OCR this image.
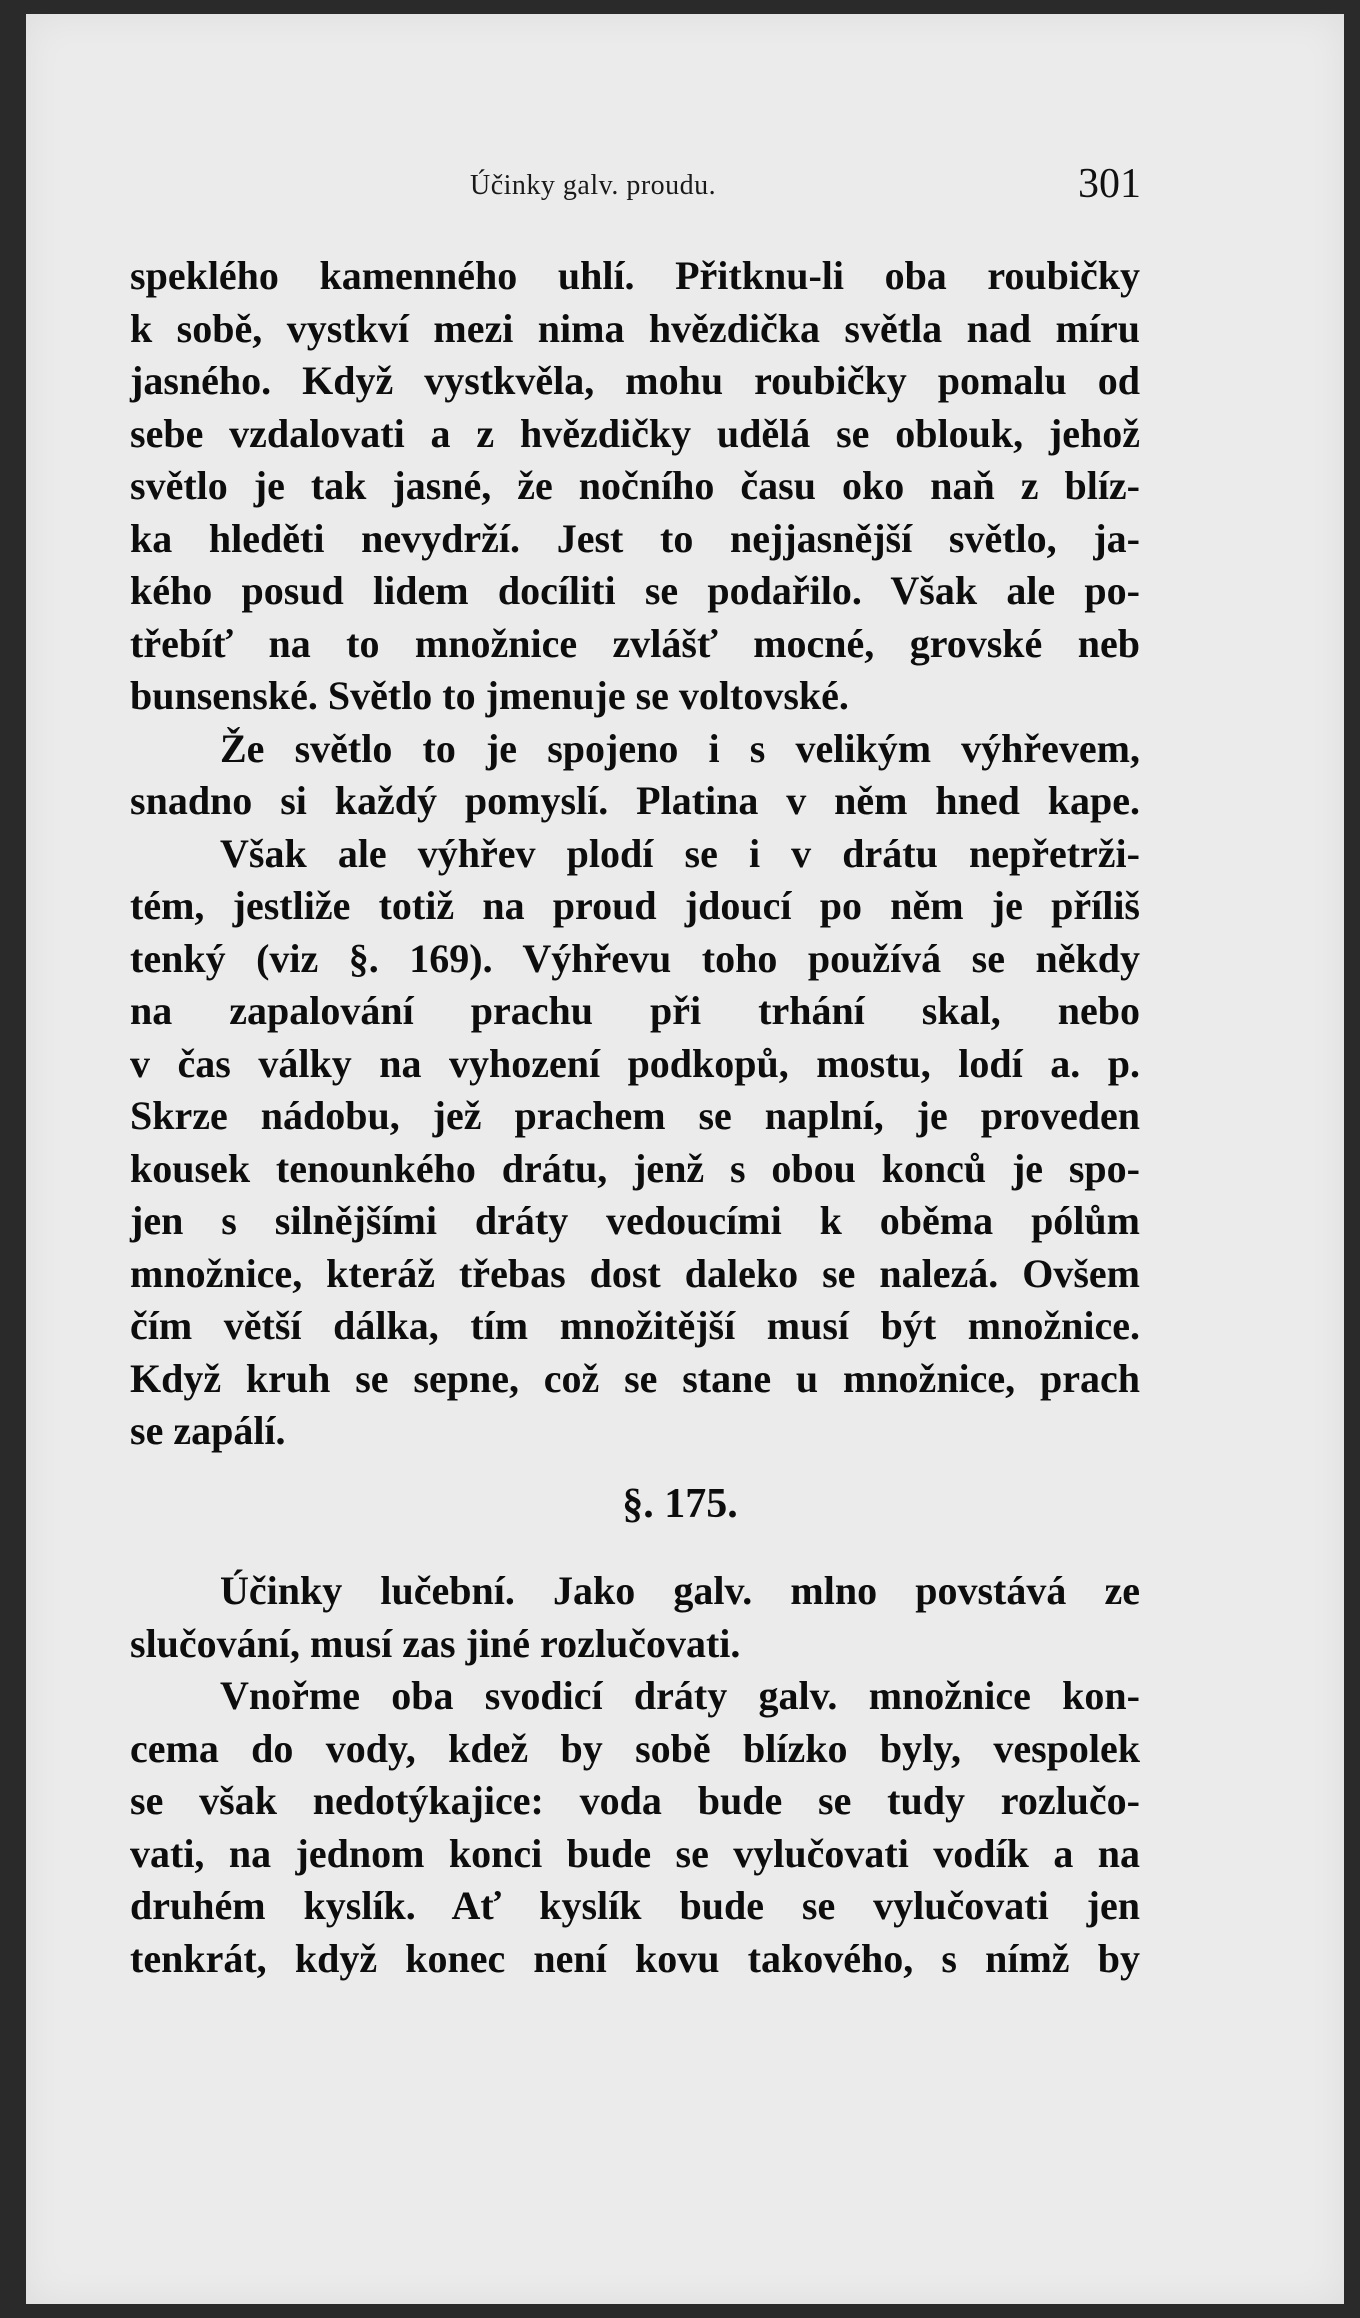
Účinky galv. proudu.	301
speklého kamenného uhlí. Přitknu-li oba roubičky
k sobě, vystkví mezi nima hvězdička světla nad míru
jasného. Když vystkvěla, mohu roubičky pomalu od
sebe vzdalovati a z hvězdičky udělá se oblouk, jehož
světlo je tak jasné, že nočního času oko naň z blíz-
ka hleděti nevydrží. Jest to nejjasnější světlo, ja-
kého posud lidem docíliti se podařilo. Však ale po-
třebíť na to množnice zvlášť mocné, grovské neb
bunsenské. Světlo to jmenuje se voltovské.
Že světlo to je spojeno i s velikým výhřevem,
snadno si každý pomyslí. Platina v něm hned kape.
Však ale výhřev plodí se i v drátu nepřetrži-
tém, jestliže totiž na proud jdoucí po něm je příliš
tenký (viz §. 169). Výhřevu toho používá se někdy
na zapalování prachu při trhání skal, nebo
v čas války na vyhození podkopů, mostu, lodí a. p.
Skrze nádobu, jež prachem se naplní, je proveden
kousek tenounkého drátu, jenž s obou konců je spo-
jen s silnějšími dráty vedoucími k oběma pólům
množnice, kteráž třebas dost daleko se nalezá. Ovšem
čím větší dálka, tím množitější musí být množnice.
Když kruh se sepne, což se stane u množnice, prach
se zapálí.
§. 175.
Účinky lučební. Jako galv. mlno povstává ze
slučování, musí zas jiné rozlučovati.
Vnořme oba svodicí dráty galv. množnice kon-
cema do vody, kdež by sobě blízko byly, vespolek
se však nedotýkajice: voda bude se tudy rozlučo-
vati, na jednom konci bude se vylučovati vodík a na
druhém kyslík. Ať kyslík bude se vylučovati jen
tenkrát, když konec není kovu takového, s nímž by
